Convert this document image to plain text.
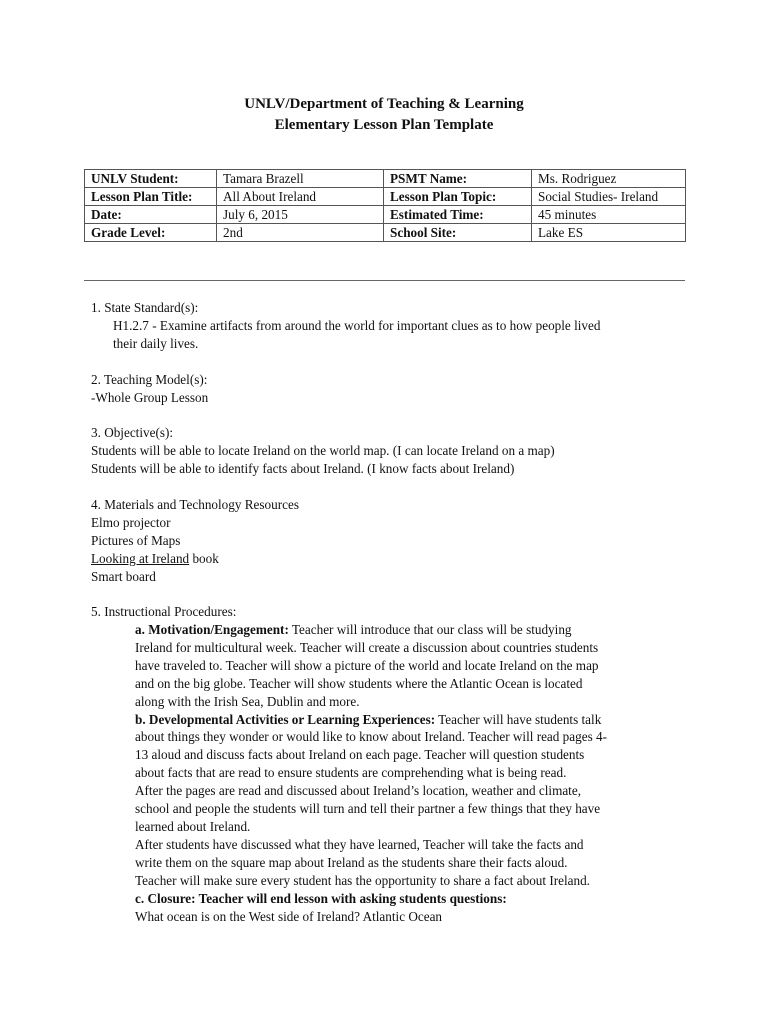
UNLV/Department of Teaching & Learning
Elementary Lesson Plan Template
UNLV Student:	Tamara Brazell	PSMT Name:	Ms. Rodriguez
Lesson Plan Title:	All About Ireland	Lesson Plan Topic:	Social Studies- Ireland
Date:	July 6, 2015	Estimated Time:	45 minutes
Grade Level:	2nd	School Site:	Lake ES
1. State Standard(s):
H1.2.7 - Examine artifacts from around the world for important clues as to how people lived
their daily lives.
2. Teaching Model(s):
-Whole Group Lesson
3. Objective(s):
Students will be able to locate Ireland on the world map. (I can locate Ireland on a map)
Students will be able to identify facts about Ireland. (I know facts about Ireland)
4. Materials and Technology Resources
Elmo projector
Pictures of Maps
Looking at Ireland book
Smart board
5. Instructional Procedures:
a. Motivation/Engagement: Teacher will introduce that our class will be studying
Ireland for multicultural week. Teacher will create a discussion about countries students
have traveled to. Teacher will show a picture of the world and locate Ireland on the map
and on the big globe. Teacher will show students where the Atlantic Ocean is located
along with the Irish Sea, Dublin and more.
b. Developmental Activities or Learning Experiences: Teacher will have students talk
about things they wonder or would like to know about Ireland. Teacher will read pages 4-
13 aloud and discuss facts about Ireland on each page. Teacher will question students
about facts that are read to ensure students are comprehending what is being read.
After the pages are read and discussed about Ireland’s location, weather and climate,
school and people the students will turn and tell their partner a few things that they have
learned about Ireland.
After students have discussed what they have learned, Teacher will take the facts and
write them on the square map about Ireland as the students share their facts aloud.
Teacher will make sure every student has the opportunity to share a fact about Ireland.
c. Closure: Teacher will end lesson with asking students questions:
What ocean is on the West side of Ireland? Atlantic Ocean
